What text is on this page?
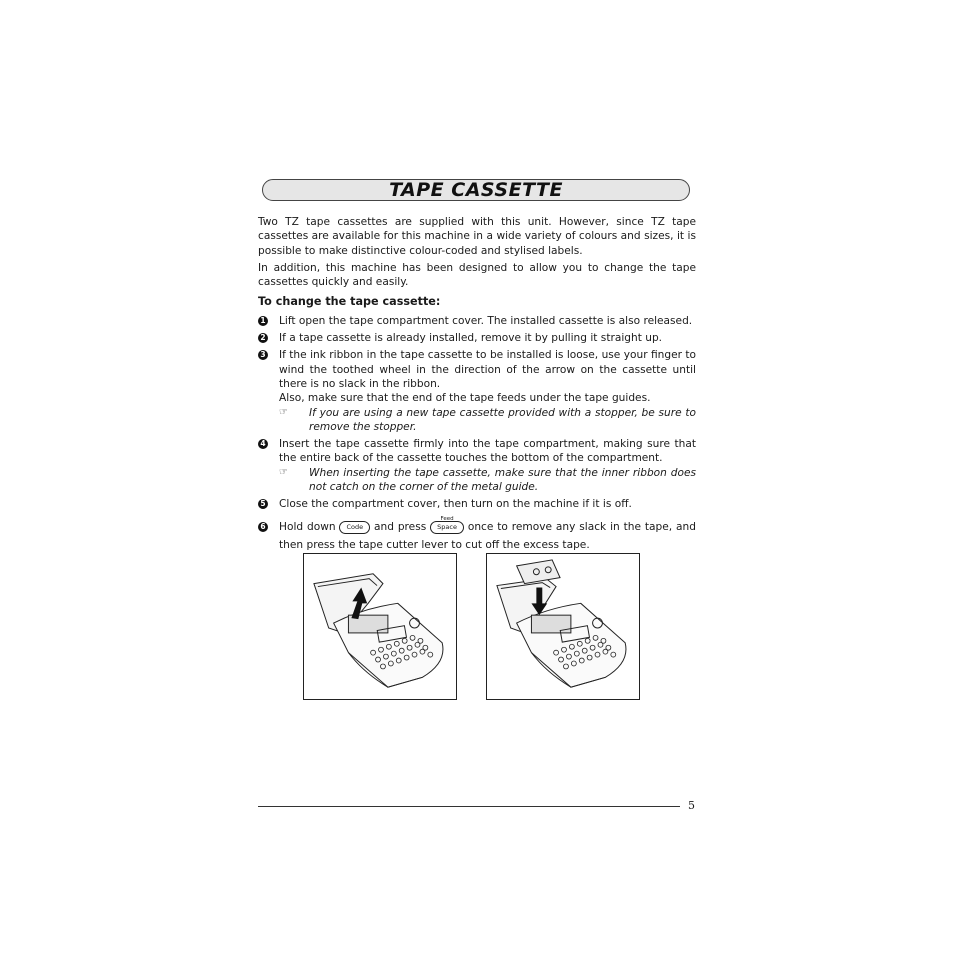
TAPE CASSETTE

Two TZ tape cassettes are supplied with this unit. However, since TZ tape cassettes are available for this machine in a wide variety of colours and sizes, it is possible to make distinctive colour-coded and stylised labels.

In addition, this machine has been designed to allow you to change the tape cassettes quickly and easily.

To change the tape cassette:
1 Lift open the tape compartment cover. The installed cassette is also released.
2 If a tape cassette is already installed, remove it by pulling it straight up.
3 If the ink ribbon in the tape cassette to be installed is loose, use your finger to wind the toothed wheel in the direction of the arrow on the cassette until there is no slack in the ribbon.

Also, make sure that the end of the tape feeds under the tape guides.

☞ If you are using a new tape cassette provided with a stopper, be sure to remove the stopper.
4 Insert the tape cassette firmly into the tape compartment, making sure that the entire back of the cassette touches the bottom of the compartment.

☞ When inserting the tape cassette, make sure that the inner ribbon does not catch on the corner of the metal guide.
5 Close the compartment cover, then turn on the machine if it is off.
6 Hold down Code and press
Feed
Space once to remove any slack in the tape, and then press the tape cutter lever to cut off the excess tape.
5
